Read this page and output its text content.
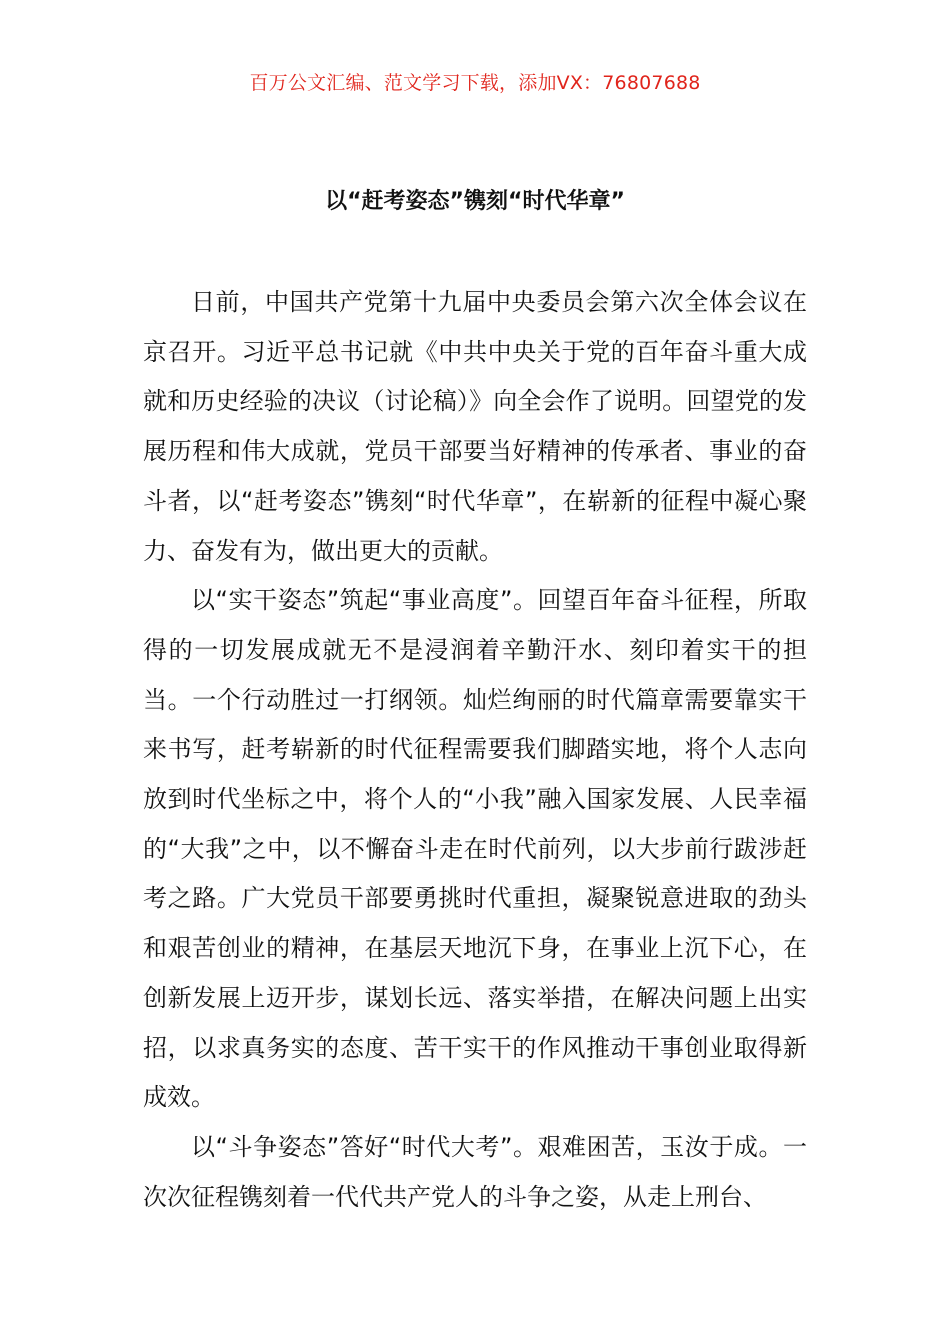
百万公文汇编、范文学习下载，添加VX：76807688
以“赶考姿态”镌刻“时代华章”

日前，中国共产党第十九届中央委员会第六次全体会议在京召开。习近平总书记就《中共中央关于党的百年奋斗重大成就和历史经验的决议（讨论稿）》向全会作了说明。回望党的发展历程和伟大成就，党员干部要当好精神的传承者、事业的奋斗者，以“赶考姿态”镌刻“时代华章”，在崭新的征程中凝心聚力、奋发有为，做出更大的贡献。

以“实干姿态”筑起“事业高度”。回望百年奋斗征程，所取得的一切发展成就无不是浸润着辛勤汗水、刻印着实干的担当。一个行动胜过一打纲领。灿烂绚丽的时代篇章需要靠实干来书写，赶考崭新的时代征程需要我们脚踏实地，将个人志向放到时代坐标之中，将个人的“小我”融入国家发展、人民幸福的“大我”之中，以不懈奋斗走在时代前列，以大步前行跋涉赶考之路。广大党员干部要勇挑时代重担，凝聚锐意进取的劲头和艰苦创业的精神，在基层天地沉下身，在事业上沉下心，在创新发展上迈开步，谋划长远、落实举措，在解决问题上出实招，以求真务实的态度、苦干实干的作风推动干事创业取得新成效。

以“斗争姿态”答好“时代大考”。艰难困苦，玉汝于成。一次次征程镌刻着一代代共产党人的斗争之姿，从走上刑台、
